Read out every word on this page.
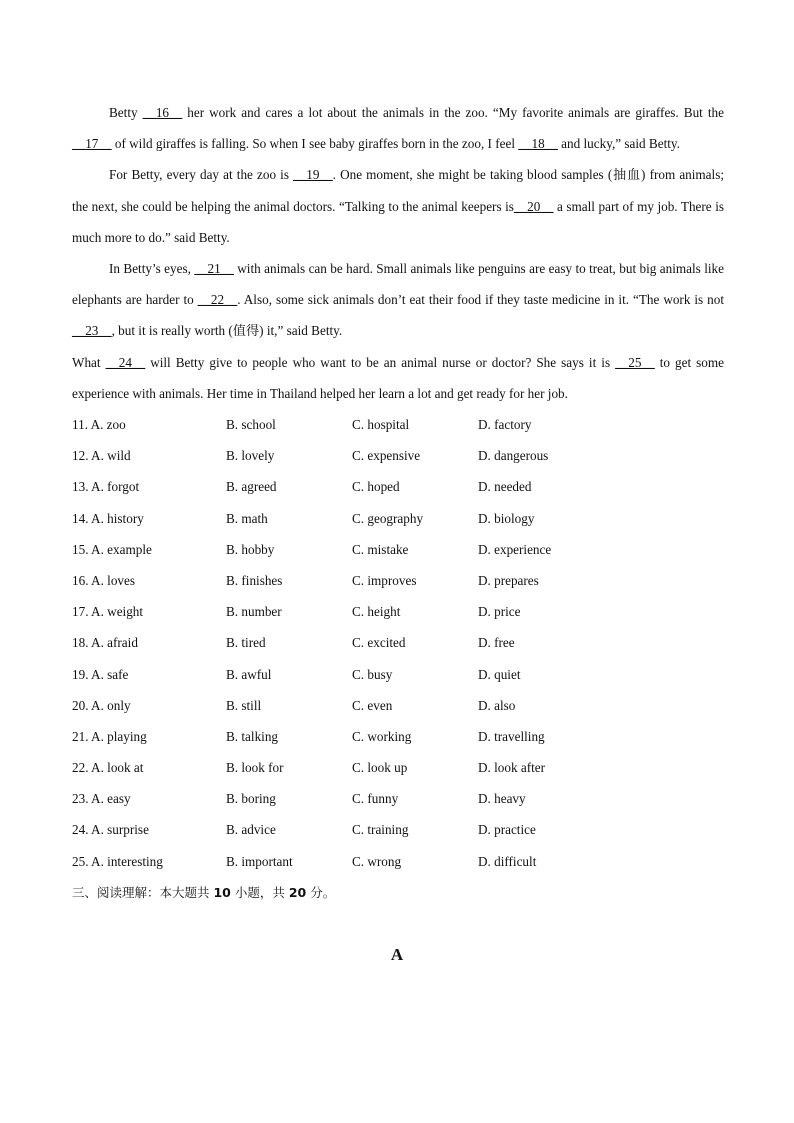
Betty __16__ her work and cares a lot about the animals in the zoo. “My favorite animals are giraffes. But the __17__ of wild giraffes is falling. So when I see baby giraffes born in the zoo, I feel __18__ and lucky,” said Betty.

For Betty, every day at the zoo is __19__. One moment, she might be taking blood samples (抽血) from animals; the next, she could be helping the animal doctors. “Talking to the animal keepers is__20__ a small part of my job. There is much more to do.” said Betty.

In Betty’s eyes, __21__ with animals can be hard. Small animals like penguins are easy to treat, but big animals like elephants are harder to __22__. Also, some sick animals don’t eat their food if they taste medicine in it. “The work is not __23__, but it is really worth (值得) it,” said Betty.

What __24__ will Betty give to people who want to be an animal nurse or doctor? She says it is __25__ to get some experience with animals. Her time in Thailand helped her learn a lot and get ready for her job.

11. A. zoo	B. school	C. hospital	D. factory
12. A. wild	B. lovely	C. expensive	D. dangerous
13. A. forgot	B. agreed	C. hoped	D. needed
14. A. history	B. math	C. geography	D. biology
15. A. example	B. hobby	C. mistake	D. experience
16. A. loves	B. finishes	C. improves	D. prepares
17. A. weight	B. number	C. height	D. price
18. A. afraid	B. tired	C. excited	D. free
19. A. safe	B. awful	C. busy	D. quiet
20. A. only	B. still	C. even	D. also
21. A. playing	B. talking	C. working	D. travelling
22. A. look at	B. look for	C. look up	D. look after
23. A. easy	B. boring	C. funny	D. heavy
24. A. surprise	B. advice	C. training	D. practice
25. A. interesting	B. important	C. wrong	D. difficult

三、阅读理解：本大题共 10 小题，共 20 分。

A
